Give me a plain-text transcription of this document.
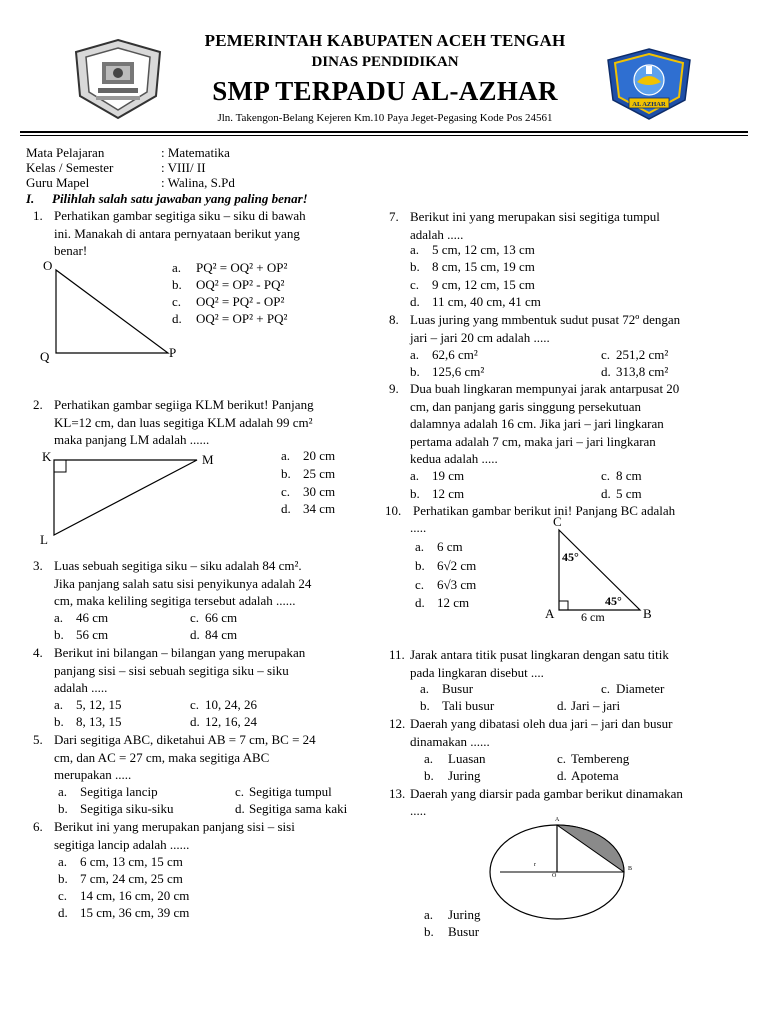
PEMERINTAH KABUPATEN ACEH TENGAH
DINAS PENDIDIKAN
SMP TERPADU AL-AZHAR
Jln. Takengon-Belang Kejeren Km.10 Paya Jeget-Pegasing Kode Pos 24561
AL AZHAR
Mata Pelajaran	: Matematika
Kelas / Semester	: VIII/ II
Guru Mapel	: Walina, S.Pd
I. Pilihlah salah satu jawaban yang paling benar!
1. Perhatikan gambar segitiga siku – siku di bawah
ini. Manakah di antara pernyataan berikut yang
benar!
O
Q	P
a. PQ² = OQ² + OP²
b. OQ² = OP² - PQ²
c. OQ² = PQ² - OP²
d. OQ² = OP² + PQ²
2. Perhatikan gambar segiiga KLM berikut! Panjang
KL=12 cm, dan luas segitiga KLM adalah 99 cm²
maka panjang LM adalah ......
K	M
L
a. 20 cm
b. 25 cm
c. 30 cm
d. 34 cm
3. Luas sebuah segitiga siku – siku adalah 84 cm².
Jika panjang salah satu sisi penyikunya adalah 24
cm, maka keliling segitiga tersebut adalah ......
a. 46 cm	c. 66 cm
b. 56 cm	d. 84 cm
4. Berikut ini bilangan – bilangan yang merupakan
panjang sisi – sisi sebuah segitiga siku – siku
adalah .....
a. 5, 12, 15	c. 10, 24, 26
b. 8, 13, 15	d. 12, 16, 24
5. Dari segitiga ABC, diketahui AB = 7 cm, BC = 24
cm, dan AC = 27 cm, maka segitiga ABC
merupakan .....
a. Segitiga lancip	c. Segitiga tumpul
b. Segitiga siku-siku	d. Segitiga sama kaki
6. Berikut ini yang merupakan panjang sisi – sisi
segitiga lancip adalah ......
a. 6 cm, 13 cm, 15 cm
b. 7 cm, 24 cm, 25 cm
c. 14 cm, 16 cm, 20 cm
d. 15 cm, 36 cm, 39 cm
7. Berikut ini yang merupakan sisi segitiga tumpul
adalah .....
a. 5 cm, 12 cm, 13 cm
b. 8 cm, 15 cm, 19 cm
c. 9 cm, 12 cm, 15 cm
d. 11 cm, 40 cm, 41 cm
8. Luas juring yang mmbentuk sudut pusat 72º dengan
jari – jari 20 cm adalah .....
a. 62,6 cm²	c. 251,2 cm²
b. 125,6 cm²	d. 313,8 cm²
9. Dua buah lingkaran mempunyai jarak antarpusat 20
cm, dan panjang garis singgung persekutuan
dalamnya adalah 16 cm. Jika jari – jari lingkaran
pertama adalah 7 cm, maka jari – jari lingkaran
kedua adalah .....
a. 19 cm	c. 8 cm
b. 12 cm	d. 5 cm
10. Perhatikan gambar berikut ini! Panjang BC adalah
.....
a. 6 cm
b. 6√2 cm
c. 6√3 cm
d. 12 cm
C
A	B
45°
45°
6 cm
11. Jarak antara titik pusat lingkaran dengan satu titik
pada lingkaran disebut ....
a. Busur	c. Diameter
b. Tali busur	d. Jari – jari
12. Daerah yang dibatasi oleh dua jari – jari dan busur
dinamakan ......
a. Luasan	c. Tembereng
b. Juring	d. Apotema
13. Daerah yang diarsir pada gambar berikut dinamakan
.....
A
O
B
r
a. Juring
b. Busur
